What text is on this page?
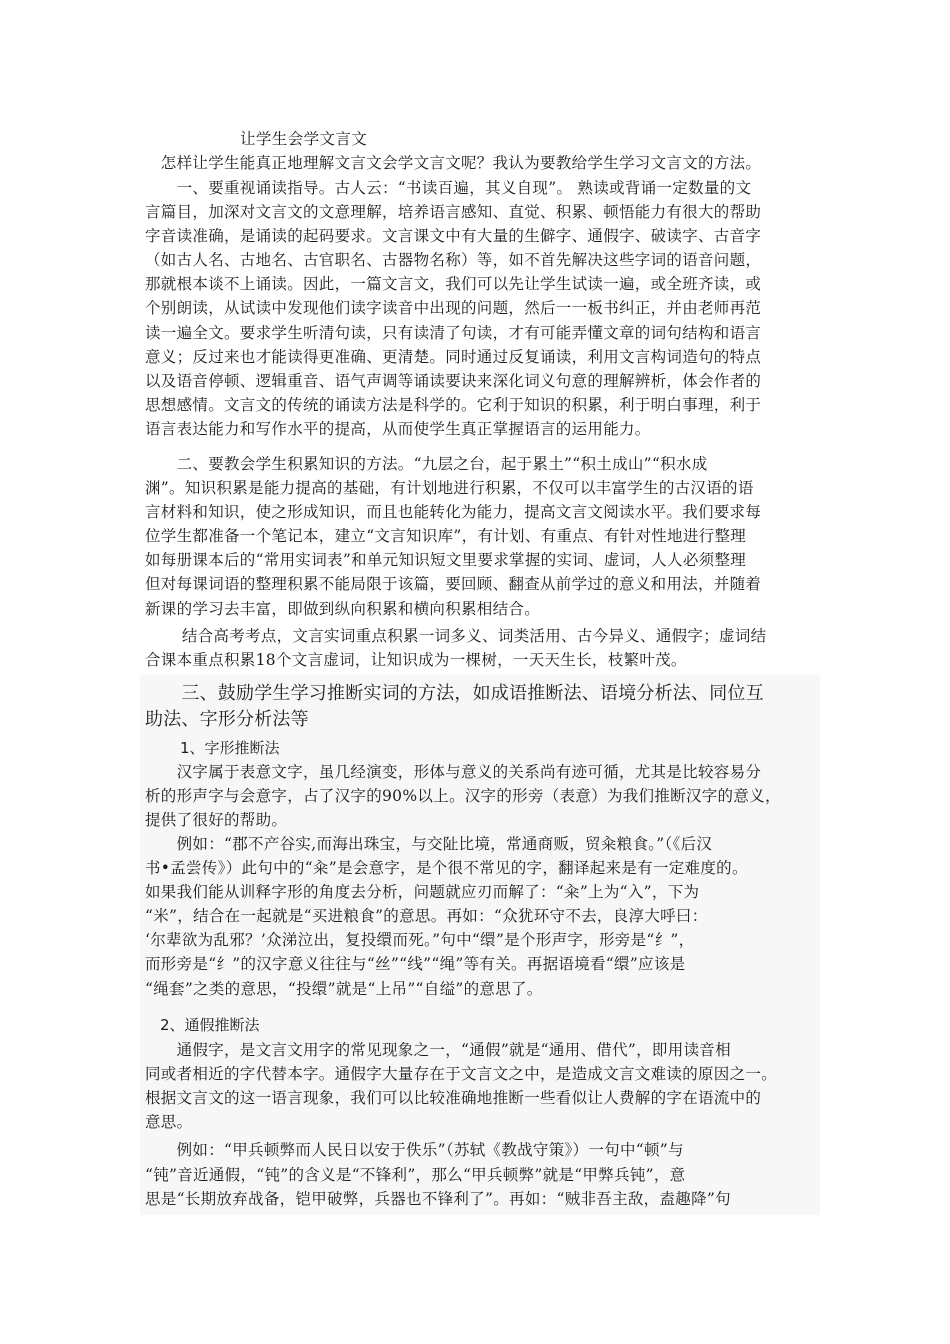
让学生会学文言文
　怎样让学生能真正地理解文言文会学文言文呢？我认为要教给学生学习文言文的方法。
　　一、要重视诵读指导。古人云：“书读百遍，其义自现”。 熟读或背诵一定数量的文
言篇目，加深对文言文的文意理解，培养语言感知、直觉、积累、顿悟能力有很大的帮助
字音读准确，是诵读的起码要求。文言课文中有大量的生僻字、通假字、破读字、古音字
（如古人名、古地名、古官职名、古器物名称）等，如不首先解决这些字词的语音问题，
那就根本谈不上诵读。因此，一篇文言文，我们可以先让学生试读一遍，或全班齐读，或
个别朗读，从试读中发现他们读字读音中出现的问题，然后一一板书纠正，并由老师再范
读一遍全文。要求学生听清句读，只有读清了句读，才有可能弄懂文章的词句结构和语言
意义；反过来也才能读得更准确、更清楚。同时通过反复诵读，利用文言构词造句的特点
以及语音停顿、逻辑重音、语气声调等诵读要诀来深化词义句意的理解辨析，体会作者的
思想感情。文言文的传统的诵读方法是科学的。它利于知识的积累，利于明白事理，利于
语言表达能力和写作水平的提高，从而使学生真正掌握语言的运用能力。
　　二、要教会学生积累知识的方法。“九层之台，起于累土”“积土成山”“积水成
渊”。知识积累是能力提高的基础，有计划地进行积累，不仅可以丰富学生的古汉语的语
言材料和知识，使之形成知识，而且也能转化为能力，提高文言文阅读水平。我们要求每
位学生都准备一个笔记本，建立“文言知识库”，有计划、有重点、有针对性地进行整理
如每册课本后的“常用实词表”和单元知识短文里要求掌握的实词、虚词，人人必须整理
但对每课词语的整理积累不能局限于该篇，要回顾、翻查从前学过的意义和用法，并随着
新课的学习去丰富，即做到纵向积累和横向积累相结合。
　　 结合高考考点，文言实词重点积累一词多义、词类活用、古今异义、通假字；虚词结
合课本重点积累18个文言虚词，让知识成为一棵树，一天天生长，枝繁叶茂。
　　三、鼓励学生学习推断实词的方法，如成语推断法、语境分析法、同位互
助法、字形分析法等
1、字形推断法
　　汉字属于表意文字，虽几经演变，形体与意义的关系尚有迹可循，尤其是比较容易分
析的形声字与会意字，占了汉字的90%以上。汉字的形旁（表意）为我们推断汉字的意义，
提供了很好的帮助。
　　例如：“郡不产谷实,而海出珠宝，与交阯比境，常通商贩，贸籴粮食。”（《后汉
书•孟尝传》）此句中的“籴”是会意字，是个很不常见的字，翻译起来是有一定难度的。
如果我们能从训释字形的角度去分析，问题就应刃而解了：“籴”上为“入”，下为
“米”，结合在一起就是“买进粮食”的意思。再如：“众犹环守不去，良淳大呼曰：
‘尔辈欲为乱邪？’众涕泣出，复投缳而死。”句中“缳”是个形声字，形旁是“纟”，
而形旁是“纟”的汉字意义往往与“丝”“线”“绳”等有关。再据语境看“缳”应该是
“绳套”之类的意思，“投缳”就是“上吊”“自缢”的意思了。
2、通假推断法
　　通假字，是文言文用字的常见现象之一，“通假”就是“通用、借代”，即用读音相
同或者相近的字代替本字。通假字大量存在于文言文之中，是造成文言文难读的原因之一。
根据文言文的这一语言现象，我们可以比较准确地推断一些看似让人费解的字在语流中的
意思。
　　例如：“甲兵顿弊而人民日以安于佚乐”（苏轼《教战守策》）一句中“顿”与
“钝”音近通假，“钝”的含义是“不锋利”，那么“甲兵顿弊”就是“甲弊兵钝”，意
思是“长期放弃战备，铠甲破弊，兵器也不锋利了”。再如：“贼非吾主敌，盍趣降”句
